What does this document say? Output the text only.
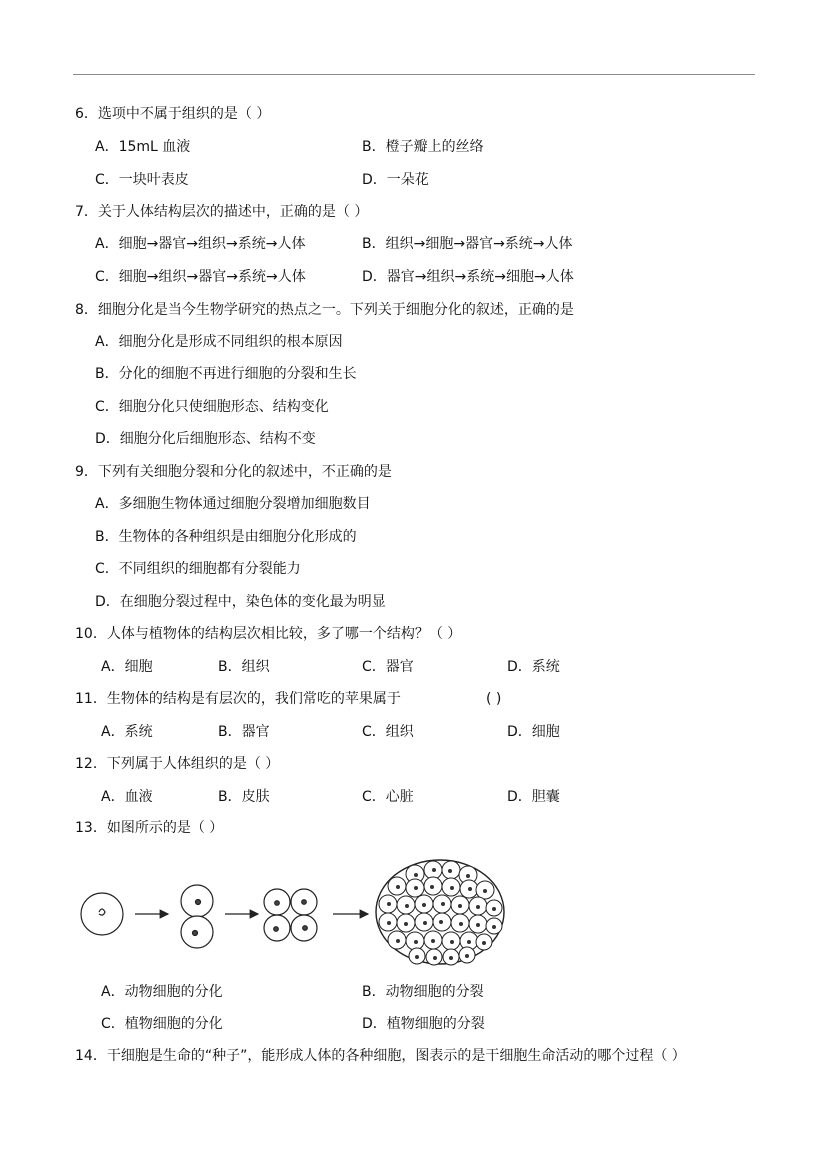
6．选项中不属于组织的是（ ）
A．15mL 血液	B．橙子瓣上的丝络
C．一块叶表皮	D．一朵花
7．关于人体结构层次的描述中，正确的是（ ）
A．细胞→器官→组织→系统→人体	B．组织→细胞→器官→系统→人体
C．细胞→组织→器官→系统→人体	D．器官→组织→系统→细胞→人体
8．细胞分化是当今生物学研究的热点之一。下列关于细胞分化的叙述，正确的是
A．细胞分化是形成不同组织的根本原因
B．分化的细胞不再进行细胞的分裂和生长
C．细胞分化只使细胞形态、结构变化
D．细胞分化后细胞形态、结构不变
9．下列有关细胞分裂和分化的叙述中，不正确的是
A．多细胞生物体通过细胞分裂增加细胞数目
B．生物体的各种组织是由细胞分化形成的
C．不同组织的细胞都有分裂能力
D．在细胞分裂过程中，染色体的变化最为明显
10．人体与植物体的结构层次相比较，多了哪一个结构？（ ）
A．细胞	B．组织	C．器官	D．系统
11．生物体的结构是有层次的，我们常吃的苹果属于	( )
A．系统	B．器官	C．组织	D．细胞
12．下列属于人体组织的是（ ）
A．血液	B．皮肤	C．心脏	D．胆囊
13．如图所示的是（ ）
A．动物细胞的分化	B．动物细胞的分裂
C．植物细胞的分化	D．植物细胞的分裂
14．干细胞是生命的“种子”，能形成人体的各种细胞，图表示的是干细胞生命活动的哪个过程（ ）
